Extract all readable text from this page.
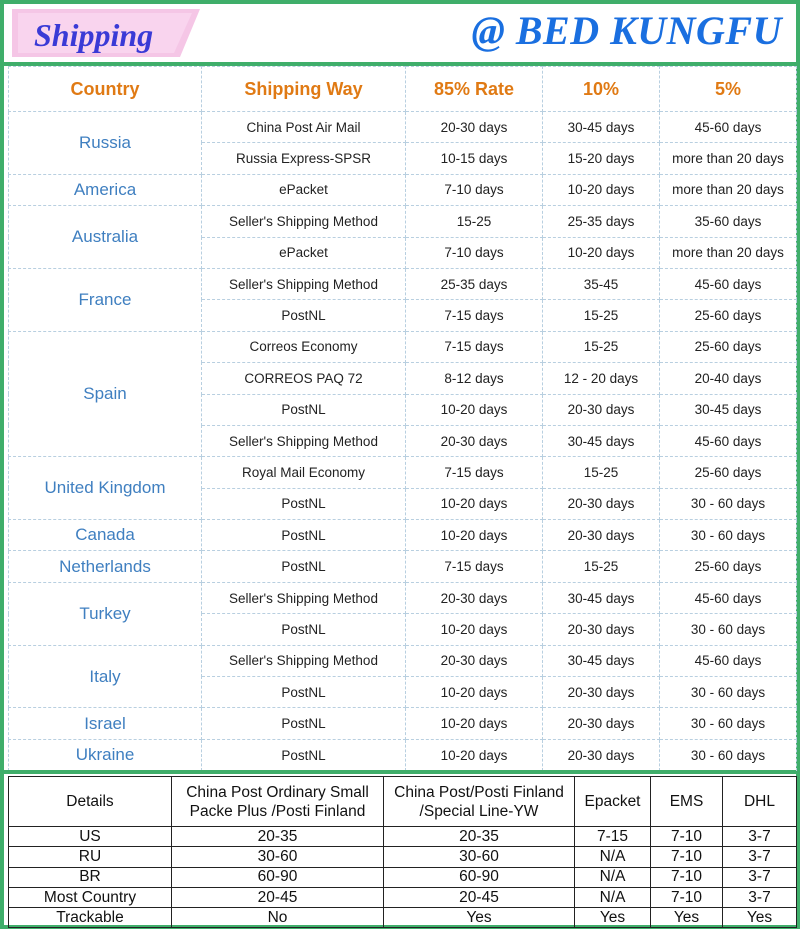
Shipping	@ BED KUNGFU
Country	Shipping Way	85% Rate	10%	5%
Russia	China Post Air Mail	20-30 days	30-45 days	45-60 days
	Russia Express-SPSR	10-15 days	15-20 days	more than 20 days
America	ePacket	7-10 days	10-20 days	more than 20 days
Australia	Seller's Shipping Method	15-25	25-35 days	35-60 days
	ePacket	7-10 days	10-20 days	more than 20 days
France	Seller's Shipping Method	25-35 days	35-45	45-60 days
	PostNL	7-15 days	15-25	25-60 days
Spain	Correos Economy	7-15 days	15-25	25-60 days
	CORREOS PAQ 72	8-12 days	12 - 20 days	20-40 days
	PostNL	10-20 days	20-30 days	30-45 days
	Seller's Shipping Method	20-30 days	30-45 days	45-60 days
United Kingdom	Royal Mail Economy	7-15 days	15-25	25-60 days
	PostNL	10-20 days	20-30 days	30 - 60 days
Canada	PostNL	10-20 days	20-30 days	30 - 60 days
Netherlands	PostNL	7-15 days	15-25	25-60 days
Turkey	Seller's Shipping Method	20-30 days	30-45 days	45-60 days
	PostNL	10-20 days	20-30 days	30 - 60 days
Italy	Seller's Shipping Method	20-30 days	30-45 days	45-60 days
	PostNL	10-20 days	20-30 days	30 - 60 days
Israel	PostNL	10-20 days	20-30 days	30 - 60 days
Ukraine	PostNL	10-20 days	20-30 days	30 - 60 days
Details	China Post Ordinary Small Packe Plus /Posti Finland	China Post/Posti Finland /Special Line-YW	Epacket	EMS	DHL
US	20-35	20-35	7-15	7-10	3-7
RU	30-60	30-60	N/A	7-10	3-7
BR	60-90	60-90	N/A	7-10	3-7
Most Country	20-45	20-45	N/A	7-10	3-7
Trackable	No	Yes	Yes	Yes	Yes
